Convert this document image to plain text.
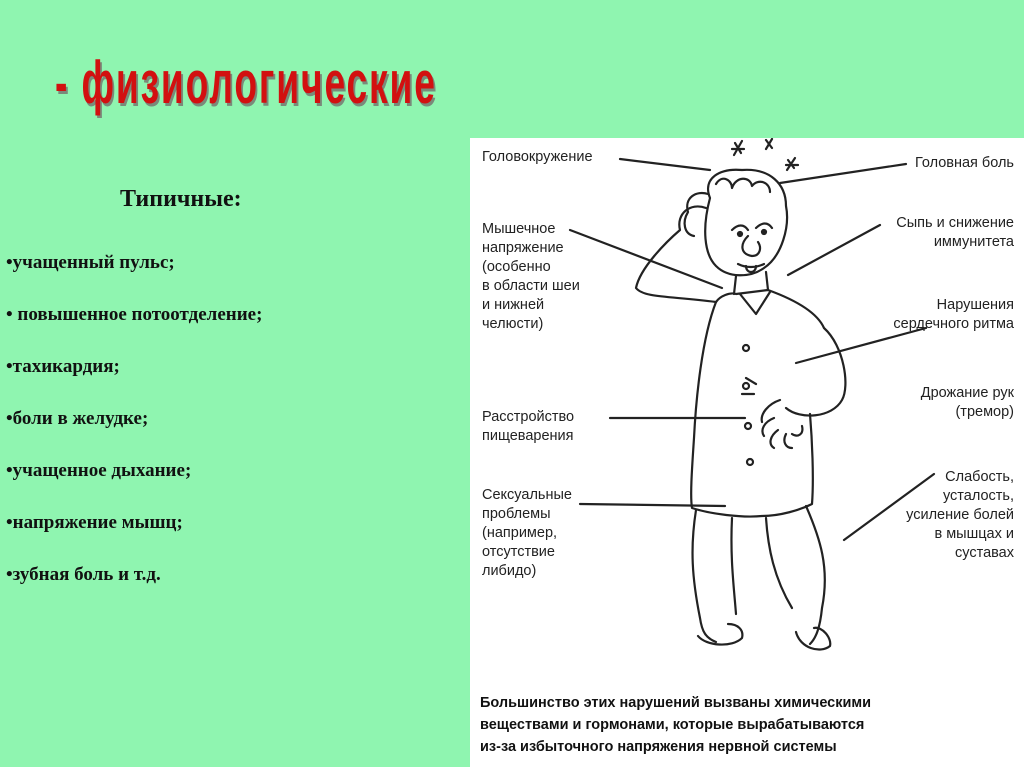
- физиологические
Типичные:
•учащенный пульс;
• повышенное потоотделение;
•тахикардия;
•боли в желудке;
•учащенное дыхание;
•напряжение мышц;
•зубная боль и т.д.
Головокружение
Мышечное
напряжение
(особенно
в области шеи
и нижней
челюсти)
Расстройство
пищеварения
Сексуальные
проблемы
(например,
отсутствие
либидо)
Головная боль
Сыпь и снижение
иммунитета
Нарушения
сердечного ритма
Дрожание рук
(тремор)
Слабость,
усталость,
усиление болей
в мышцах и
суставах
Большинство этих нарушений вызваны химическими
веществами и гормонами, которые вырабатываются
из-за избыточного напряжения нервной системы
